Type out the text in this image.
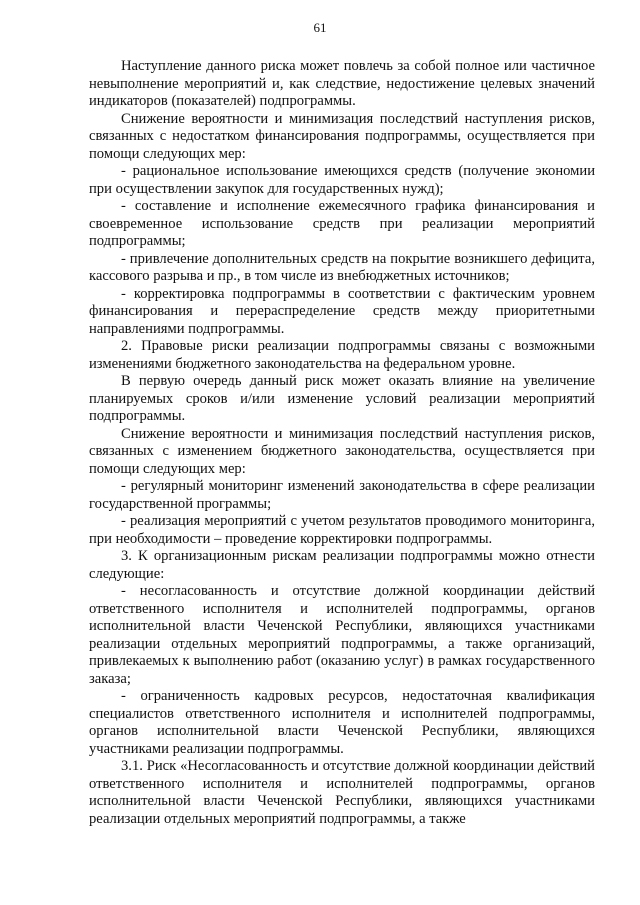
61

Наступление данного риска может повлечь за собой полное или частичное невыполнение мероприятий и, как следствие, недостижение целевых значений индикаторов (показателей) подпрограммы.

Снижение вероятности и минимизация последствий наступления рисков, связанных с недостатком финансирования подпрограммы, осуществляется при помощи следующих мер:

- рациональное использование имеющихся средств (получение экономии при осуществлении закупок для государственных нужд);

- составление и исполнение ежемесячного графика финансирования и своевременное использование средств при реализации мероприятий подпрограммы;

- привлечение дополнительных средств на покрытие возникшего дефицита, кассового разрыва и пр., в том числе из внебюджетных источников;

- корректировка подпрограммы в соответствии с фактическим уровнем финансирования и перераспределение средств между приоритетными направлениями подпрограммы.

2. Правовые риски реализации подпрограммы связаны с возможными изменениями бюджетного законодательства на федеральном уровне.

В первую очередь данный риск может оказать влияние на увеличение планируемых сроков и/или изменение условий реализации мероприятий подпрограммы.

Снижение вероятности и минимизация последствий наступления рисков, связанных с изменением бюджетного законодательства, осуществляется при помощи следующих мер:

- регулярный мониторинг изменений законодательства в сфере реализации государственной программы;

- реализация мероприятий с учетом результатов проводимого мониторинга, при необходимости – проведение корректировки подпрограммы.

3. К организационным рискам реализации подпрограммы можно отнести следующие:

- несогласованность и отсутствие должной координации действий ответственного исполнителя и исполнителей подпрограммы, органов исполнительной власти Чеченской Республики, являющихся участниками реализации отдельных мероприятий подпрограммы, а также организаций, привлекаемых к выполнению работ (оказанию услуг) в рамках государственного заказа;

- ограниченность кадровых ресурсов, недостаточная квалификация специалистов ответственного исполнителя и исполнителей подпрограммы, органов исполнительной власти Чеченской Республики, являющихся участниками реализации подпрограммы.

3.1. Риск «Несогласованность и отсутствие должной координации действий ответственного исполнителя и исполнителей подпрограммы, органов исполнительной власти Чеченской Республики, являющихся участниками реализации отдельных мероприятий подпрограммы, а также
